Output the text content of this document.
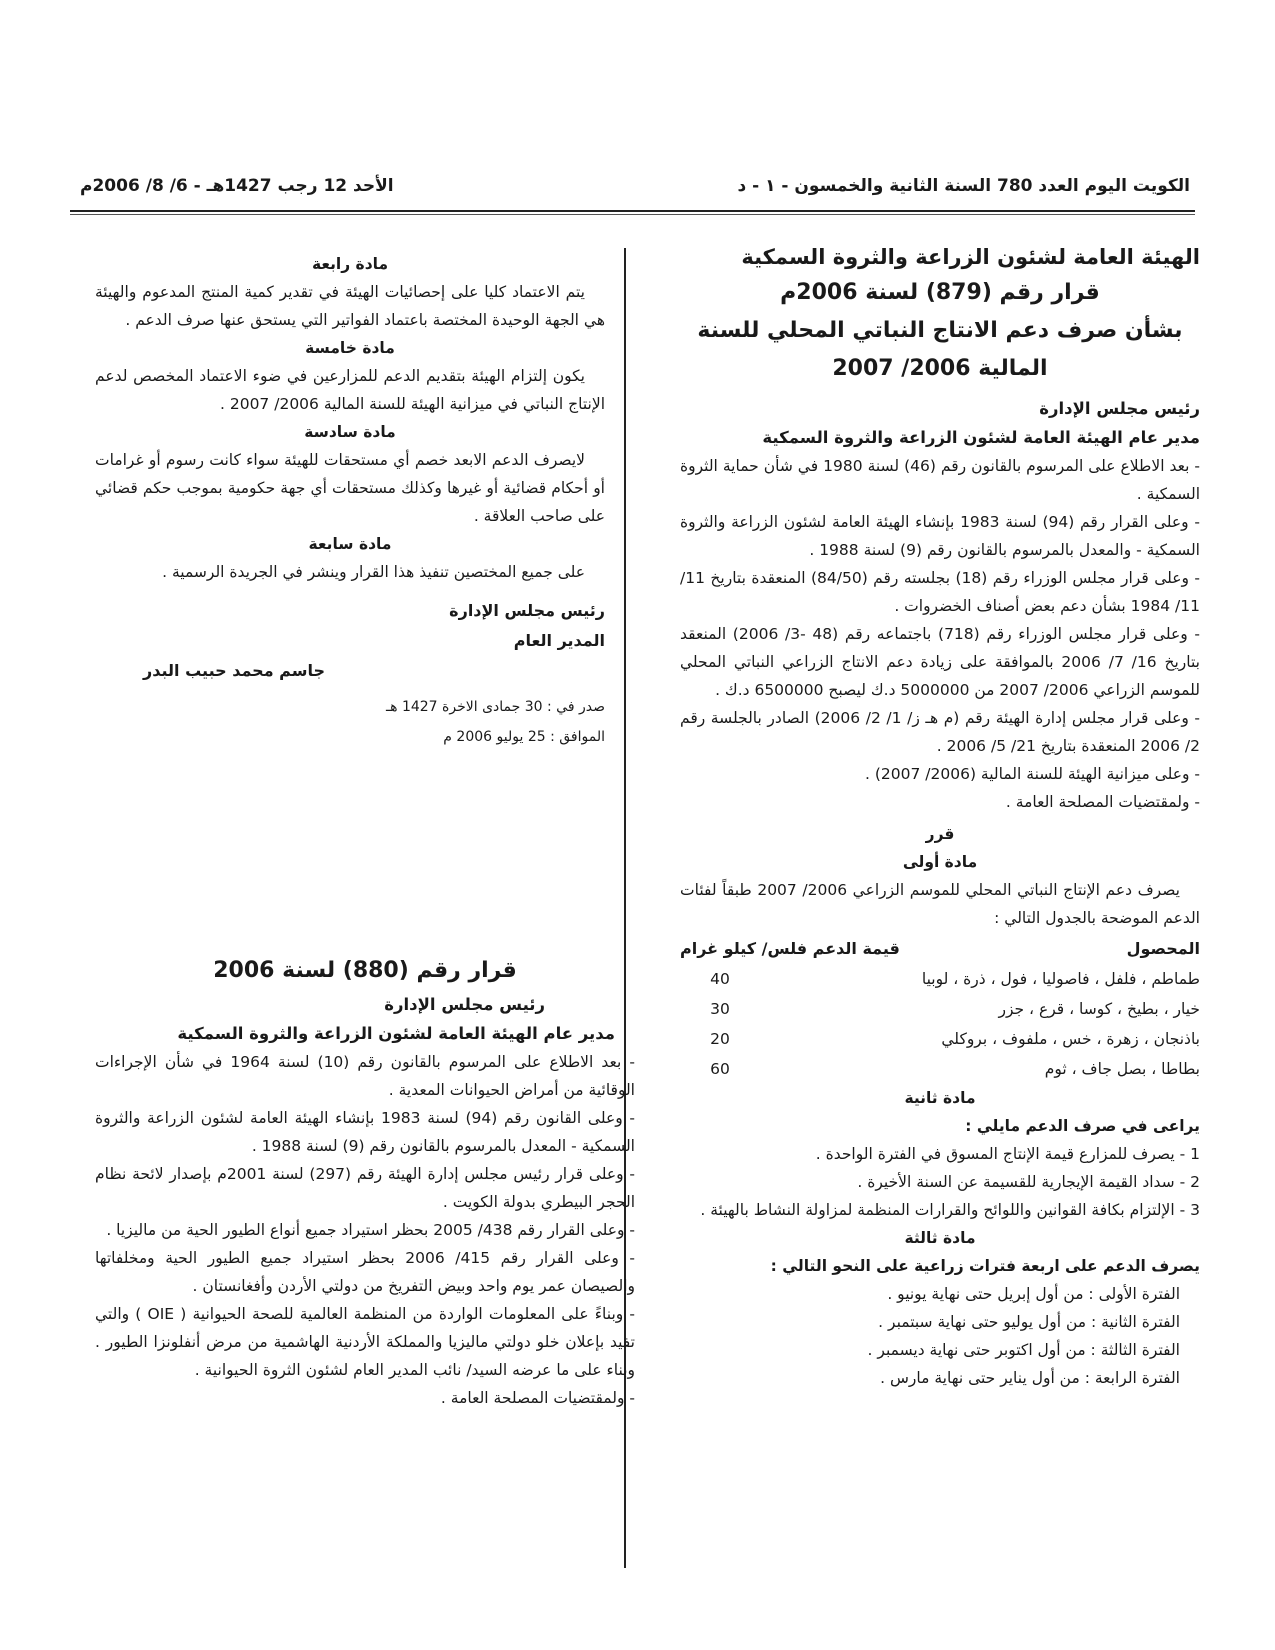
الكويت اليوم العدد 780 السنة الثانية والخمسون - ١ - د
الأحد 12 رجب 1427هـ - 6/ 8/ 2006م

الهيئة العامة لشئون الزراعة والثروة السمكية

قرار رقم (879) لسنة 2006م

بشأن صرف دعم الانتاج النباتي المحلي للسنة المالية 2006/ 2007

رئيس مجلس الإدارة

مدير عام الهيئة العامة لشئون الزراعة والثروة السمكية

- بعد الاطلاع على المرسوم بالقانون رقم (46) لسنة 1980 في شأن حماية الثروة السمكية .

- وعلى القرار رقم (94) لسنة 1983 بإنشاء الهيئة العامة لشئون الزراعة والثروة السمكية - والمعدل بالمرسوم بالقانون رقم (9) لسنة 1988 .

- وعلى قرار مجلس الوزراء رقم (18) بجلسته رقم (84/50) المنعقدة بتاريخ 11/ 11/ 1984 بشأن دعم بعض أصناف الخضروات .

- وعلى قرار مجلس الوزراء رقم (718) باجتماعه رقم (48 -3/ 2006) المنعقد بتاريخ 16/ 7/ 2006 بالموافقة على زيادة دعم الانتاج الزراعي النباتي المحلي للموسم الزراعي 2006/ 2007 من 5000000 د.ك ليصبح 6500000 د.ك .

- وعلى قرار مجلس إدارة الهيئة رقم (م هـ ز/ 1/ 2/ 2006) الصادر بالجلسة رقم 2/ 2006 المنعقدة بتاريخ 21/ 5/ 2006 .

- وعلى ميزانية الهيئة للسنة المالية (2006/ 2007) .

- ولمقتضيات المصلحة العامة .

قرر

مادة أولى

يصرف دعم الإنتاج النباتي المحلي للموسم الزراعي 2006/ 2007 طبقاً لفئات الدعم الموضحة بالجدول التالي :

المحصول
قيمة الدعم فلس/ كيلو غرام
طماطم ، فلفل ، فاصوليا ، فول ، ذرة ، لوبيا
40
خيار ، بطيخ ، كوسا ، قرع ، جزر
30
باذنجان ، زهرة ، خس ، ملفوف ، بروكلي
20
بطاطا ، بصل جاف ، ثوم
60

مادة ثانية

يراعى في صرف الدعم مايلي :

1 - يصرف للمزارع قيمة الإنتاج المسوق في الفترة الواحدة .

2 - سداد القيمة الإيجارية للقسيمة عن السنة الأخيرة .

3 - الإلتزام بكافة القوانين واللوائح والقرارات المنظمة لمزاولة النشاط بالهيئة .

مادة ثالثة

يصرف الدعم على اربعة فترات زراعية على النحو التالي :

الفترة الأولى : من أول إبريل حتى نهاية يونيو .

الفترة الثانية : من أول يوليو حتى نهاية سبتمبر .

الفترة الثالثة : من أول اكتوبر حتى نهاية ديسمبر .

الفترة الرابعة : من أول يناير حتى نهاية مارس .

مادة رابعة

يتم الاعتماد كليا على إحصائيات الهيئة في تقدير كمية المنتج المدعوم والهيئة هي الجهة الوحيدة المختصة باعتماد الفواتير التي يستحق عنها صرف الدعم .

مادة خامسة

يكون إلتزام الهيئة بتقديم الدعم للمزارعين في ضوء الاعتماد المخصص لدعم الإنتاج النباتي في ميزانية الهيئة للسنة المالية 2006/ 2007 .

مادة سادسة

لايصرف الدعم الابعد خصم أي مستحقات للهيئة سواء كانت رسوم أو غرامات أو أحكام قضائية أو غيرها وكذلك مستحقات أي جهة حكومية بموجب حكم قضائي على صاحب العلاقة .

مادة سابعة

على جميع المختصين تنفيذ هذا القرار وينشر في الجريدة الرسمية .

رئيس مجلس الإدارة

المدير العام

جاسم محمد حبيب البدر

صدر في : 30 جمادى الاخرة 1427 هـ

الموافق : 25 يوليو 2006 م

قرار رقم (880) لسنة 2006

رئيس مجلس الإدارة

مدير عام الهيئة العامة لشئون الزراعة والثروة السمكية

- بعد الاطلاع على المرسوم بالقانون رقم (10) لسنة 1964 في شأن الإجراءات الوقائية من أمراض الحيوانات المعدية .

- وعلى القانون رقم (94) لسنة 1983 بإنشاء الهيئة العامة لشئون الزراعة والثروة السمكية - المعدل بالمرسوم بالقانون رقم (9) لسنة 1988 .

- وعلى قرار رئيس مجلس إدارة الهيئة رقم (297) لسنة 2001م بإصدار لائحة نظام الحجر البيطري بدولة الكويت .

- وعلى القرار رقم 438/ 2005 بحظر استيراد جميع أنواع الطيور الحية من ماليزيا .

- وعلى القرار رقم 415/ 2006 بحظر استيراد جميع الطيور الحية ومخلفاتها والصيصان عمر يوم واحد وبيض التفريخ من دولتي الأردن وأفغانستان .

- وبناءً على المعلومات الواردة من المنظمة العالمية للصحة الحيوانية ( OIE ) والتي تفيد بإعلان خلو دولتي ماليزيا والمملكة الأردنية الهاشمية من مرض أنفلونزا الطيور . وبناء على ما عرضه السيد/ نائب المدير العام لشئون الثروة الحيوانية .

- ولمقتضيات المصلحة العامة .
